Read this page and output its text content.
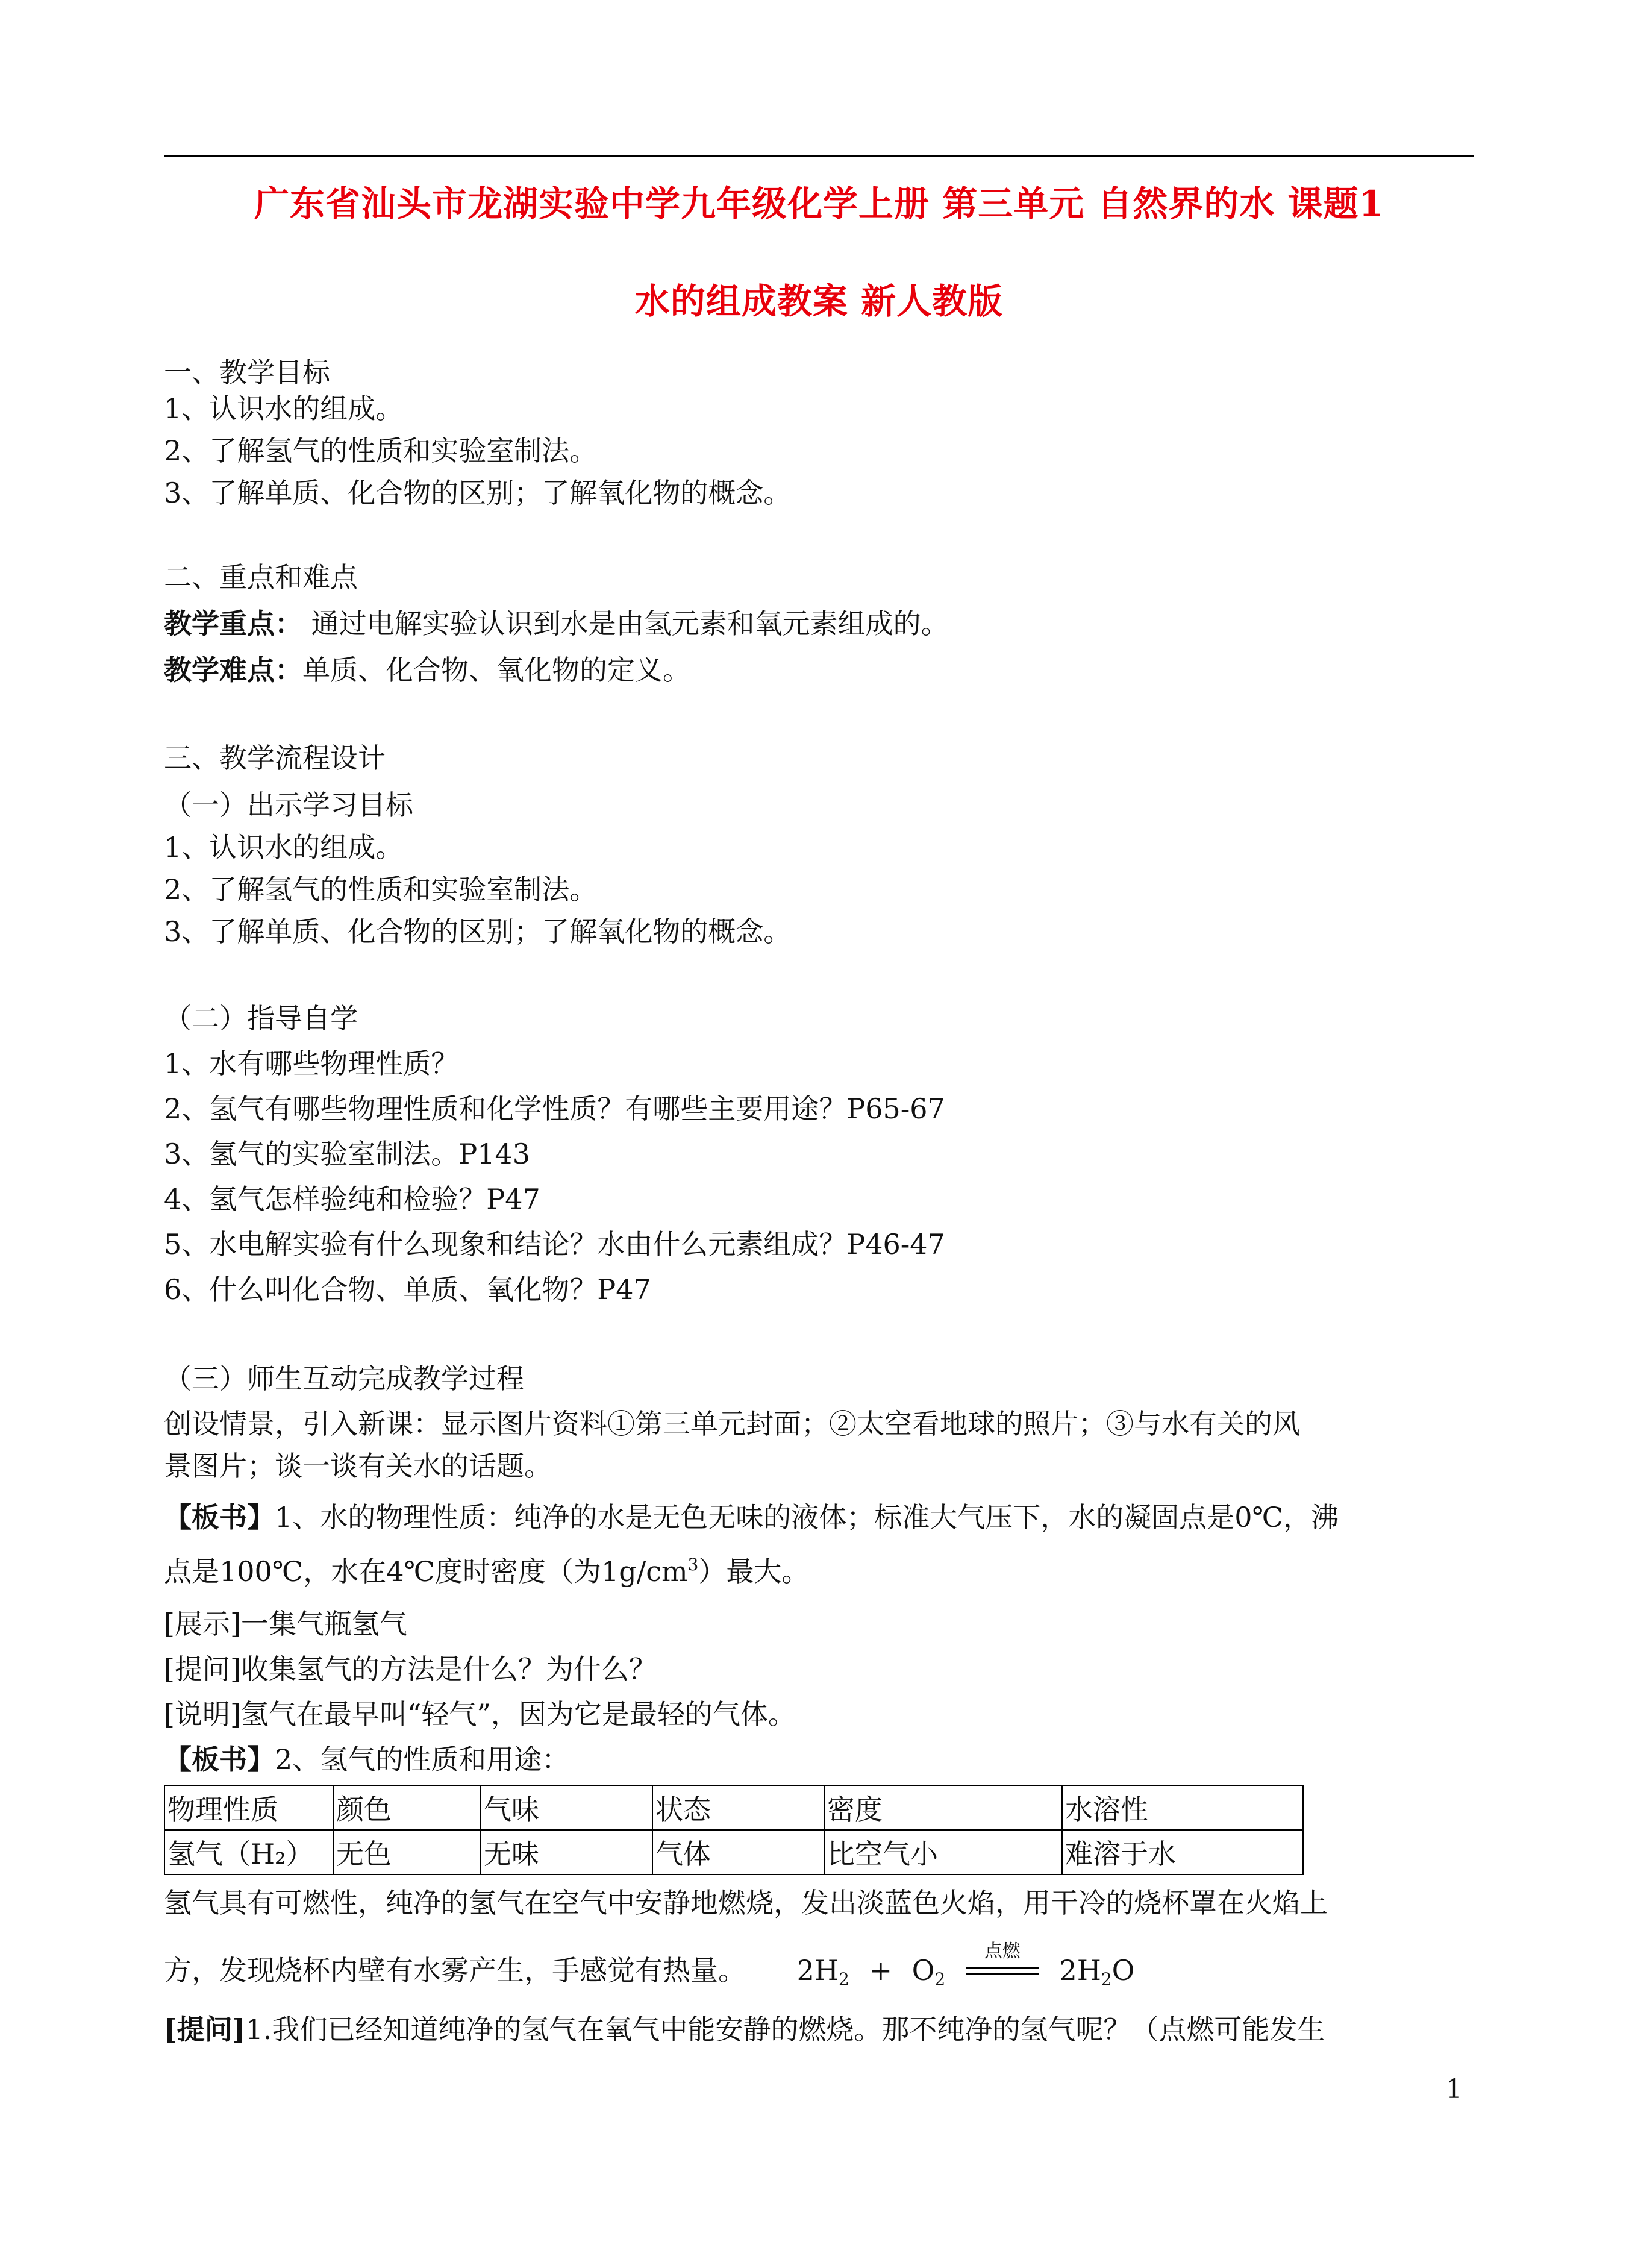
广东省汕头市龙湖实验中学九年级化学上册 第三单元 自然界的水 课题1
水的组成教案 新人教版
一、教学目标
1、认识水的组成。
2、了解氢气的性质和实验室制法。
3、了解单质、化合物的区别；了解氧化物的概念。
二、重点和难点
教学重点： 通过电解实验认识到水是由氢元素和氧元素组成的。
教学难点：单质、化合物、氧化物的定义。
三、教学流程设计
（一）出示学习目标
1、认识水的组成。
2、了解氢气的性质和实验室制法。
3、了解单质、化合物的区别；了解氧化物的概念。
（二）指导自学
1、水有哪些物理性质？
2、氢气有哪些物理性质和化学性质？有哪些主要用途？P65-67
3、氢气的实验室制法。P143
4、氢气怎样验纯和检验？P47
5、水电解实验有什么现象和结论？水由什么元素组成？P46-47
6、什么叫化合物、单质、氧化物？P47
（三）师生互动完成教学过程
创设情景，引入新课：显示图片资料①第三单元封面；②太空看地球的照片；③与水有关的风
景图片；谈一谈有关水的话题。
【板书】1、水的物理性质：纯净的水是无色无味的液体；标准大气压下，水的凝固点是0℃，沸
点是100℃，水在4℃度时密度（为$1g/cm^3$）最大。
[展示]一集气瓶氢气
[提问]收集氢气的方法是什么？为什么？
[说明]氢气在最早叫“轻气”，因为它是最轻的气体。
【板书】2、氢气的性质和用途：
物理性质	颜色	气味	状态	密度	水溶性
氢气（H₂）	无色	无味	气体	比空气小	难溶于水
氢气具有可燃性，纯净的氢气在空气中安静地燃烧，发出淡蓝色火焰，用干冷的烧杯罩在火焰上
方，发现烧杯内壁有水雾产生，手感觉有热量。 $2H_2 + O_2$
点燃
$2H_2O$
[提问]1.我们已经知道纯净的氢气在氧气中能安静的燃烧。那不纯净的氢气呢？（点燃可能发生
1
